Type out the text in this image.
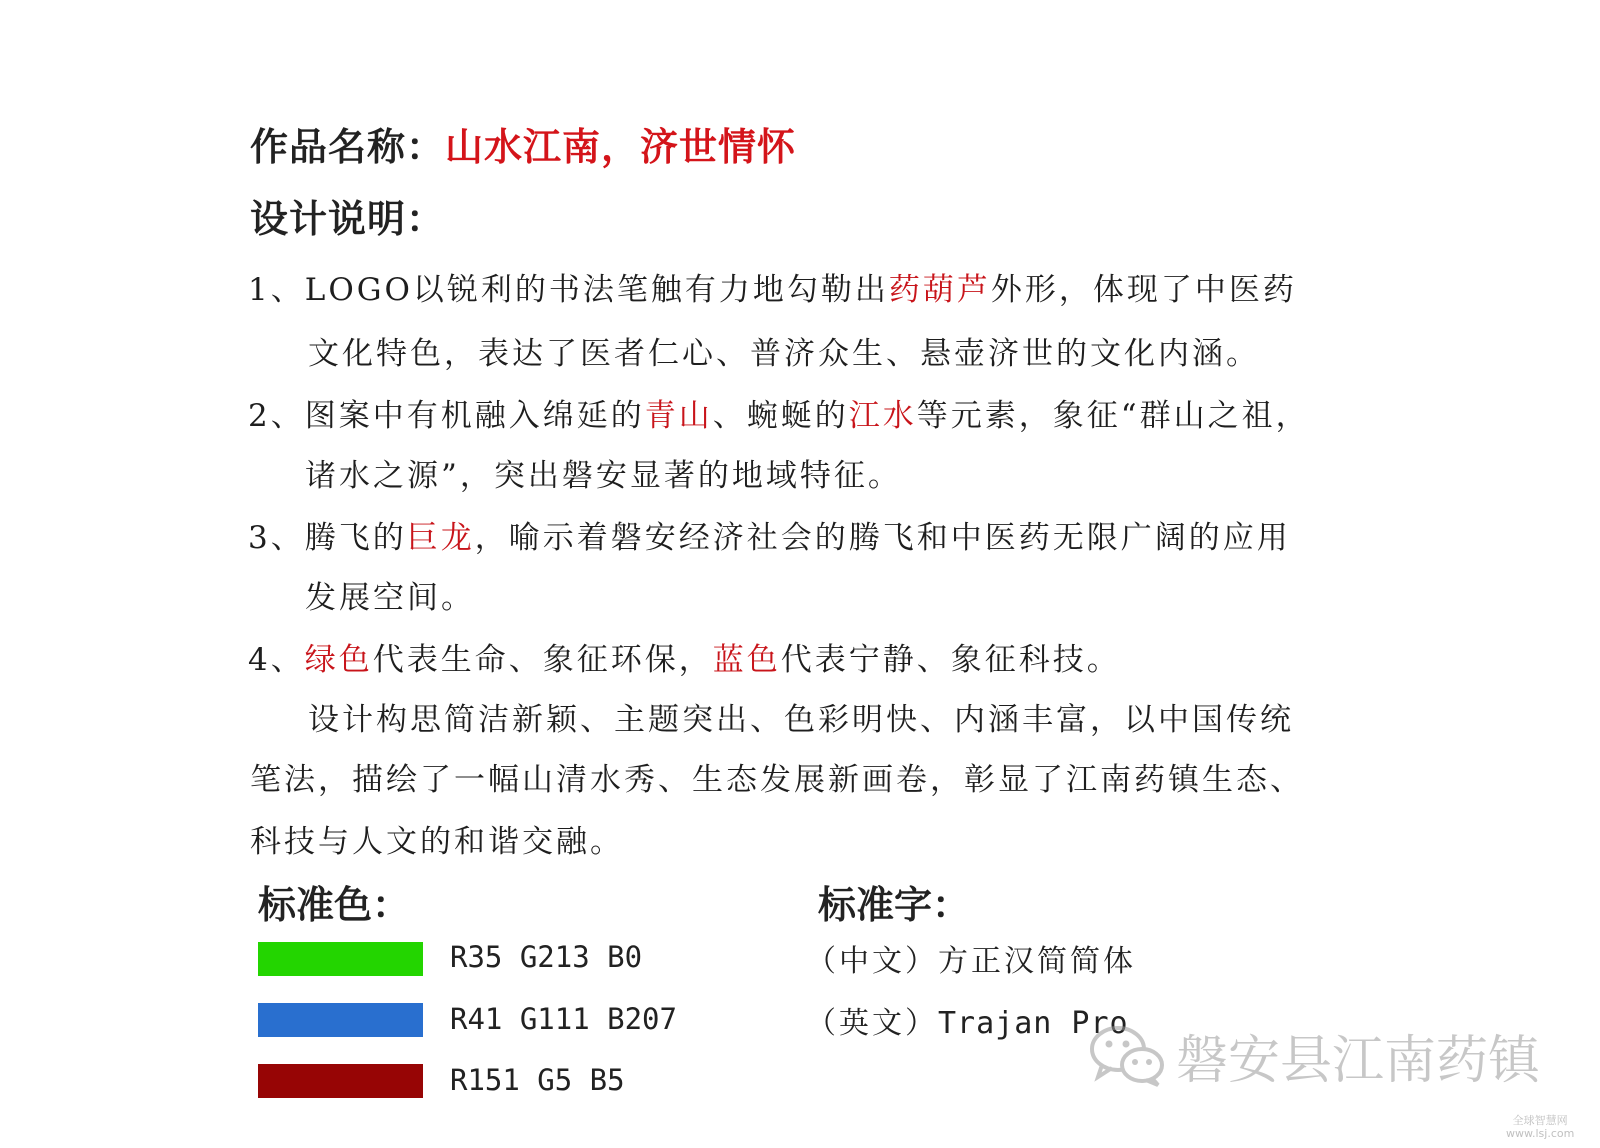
作品名称：山水江南，济世情怀
设计说明：
1、LOGO以锐利的书法笔触有力地勾勒出药葫芦外形，体现了中医药
文化特色，表达了医者仁心、普济众生、悬壶济世的文化内涵。
2、图案中有机融入绵延的青山、蜿蜒的江水等元素，象征“群山之祖，
诸水之源”，突出磐安显著的地域特征。
3、腾飞的巨龙，喻示着磐安经济社会的腾飞和中医药无限广阔的应用
发展空间。
4、绿色代表生命、象征环保，蓝色代表宁静、象征科技。
设计构思简洁新颖、主题突出、色彩明快、内涵丰富，以中国传统
笔法，描绘了一幅山清水秀、生态发展新画卷，彰显了江南药镇生态、
科技与人文的和谐交融。
标准色：
R35 G213 B0
R41 G111 B207
R151 G5 B5
标准字：
（中文）方正汉简简体
（英文）Trajan Pro
磐安县江南药镇
全球智慧网
www.lsj.com
